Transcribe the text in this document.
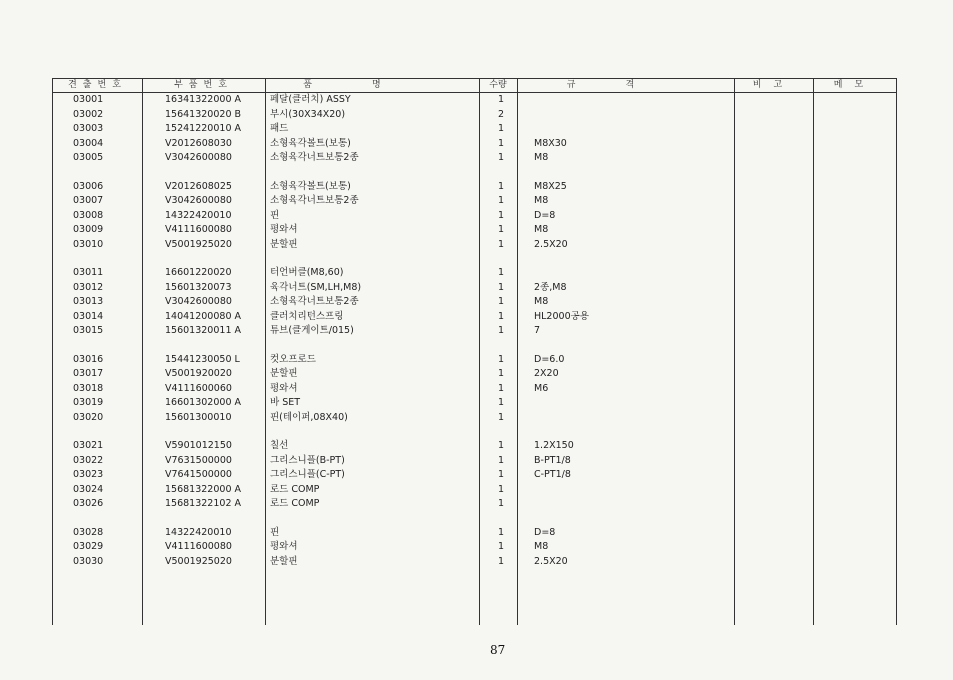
견출번호	부품번호	품명	수량	규격	비고	메모
03001	16341322000 A	페달(클러치) ASSY	1
03002	15641320020 B	부시(30X34X20)	2
03003	15241220010 A	패드	1
03004	V2012608030	소형육각볼트(보통)	1	M8X30
03005	V3042600080	소형육각너트보통2종	1	M8
03006	V2012608025	소형육각볼트(보통)	1	M8X25
03007	V3042600080	소형육각너트보통2종	1	M8
03008	14322420010	핀	1	D=8
03009	V4111600080	평와셔	1	M8
03010	V5001925020	분할핀	1	2.5X20
03011	16601220020	터언버클(M8,60)	1
03012	15601320073	육각너트(SM,LH,M8)	1	2종,M8
03013	V3042600080	소형육각너트보통2종	1	M8
03014	14041200080 A	클러치리턴스프링	1	HL2000공용
03015	15601320011 A	튜브(클게이트/015)	1	7
03016	15441230050 L	컷오프로드	1	D=6.0
03017	V5001920020	분할핀	1	2X20
03018	V4111600060	평와셔	1	M6
03019	16601302000 A	바 SET	1
03020	15601300010	핀(테이퍼,08X40)	1
03021	V5901012150	칠선	1	1.2X150
03022	V7631500000	그리스니플(B-PT)	1	B-PT1/8
03023	V7641500000	그리스니플(C-PT)	1	C-PT1/8
03024	15681322000 A	로드 COMP	1
03026	15681322102 A	로드 COMP	1
03028	14322420010	핀	1	D=8
03029	V4111600080	평와셔	1	M8
03030	V5001925020	분할핀	1	2.5X20
87
